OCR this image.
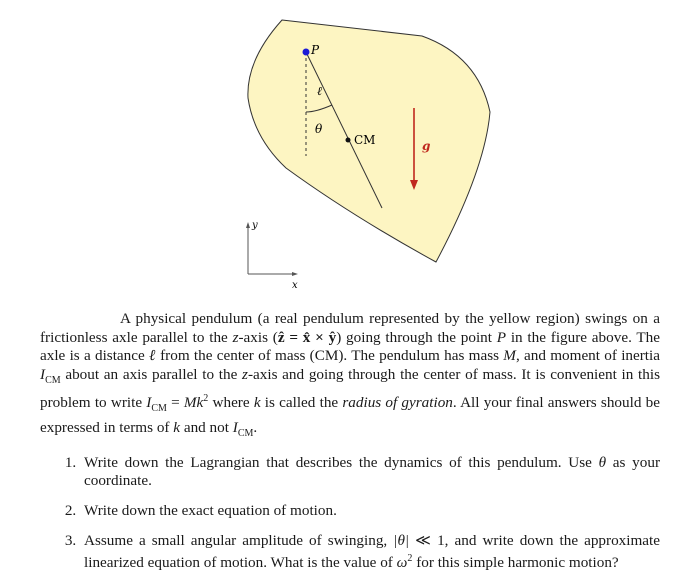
P
ℓ
θ
CM	g
y
x

A physical pendulum (a real pendulum represented by the yellow region) swings on a frictionless axle parallel to the z-axis (ẑ = x̂ × ŷ) going through the point P in the figure above. The axle is a distance ℓ from the center of mass (CM). The pendulum has mass M, and moment of inertia $I_{CM}$ about an axis parallel to the z-axis and going through the center of mass. It is convenient in this problem to write $I_{CM} = Mk^2$ where k is called the radius of gyration. All your final answers should be expressed in terms of k and not $I_{CM}$.

1. Write down the Lagrangian that describes the dynamics of this pendulum. Use θ as your coordinate.
2. Write down the exact equation of motion.
3. Assume a small angular amplitude of swinging, |θ| ≪ 1, and write down the approximate linearized equation of motion. What is the value of $\omega^2$ for this simple harmonic motion?
